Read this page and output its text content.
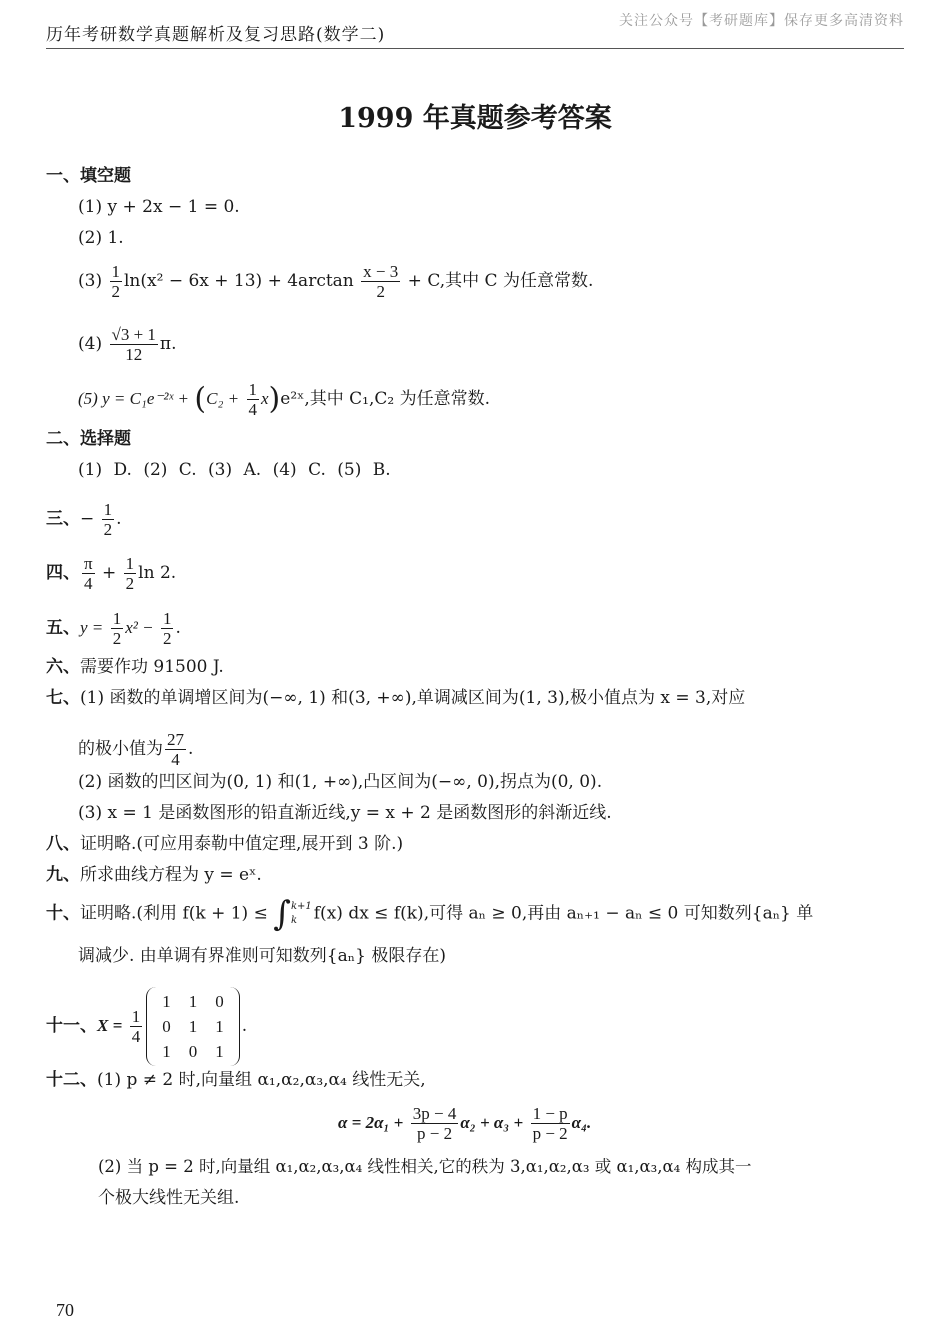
历年考研数学真题解析及复习思路(数学二)
关注公众号【考研题库】保存更多高清资料
1999 年真题参考答案
一、填空题
(1) y + 2x − 1 = 0.
(2) 1.
$(3) \frac{1}{2} \ln(x^2 - 6x + 13) + 4\arctan \frac{x - 3}{2} + C$,其中 C 为任意常数.
$(4) \frac{√3 + 1}{12} \pi$.
(5) y = C₁e⁻²ˣ + ($C_2 + \frac{1}{4}$ x)e²ˣ,其中 C₁,C₂ 为任意常数.
二、选择题
(1) D. (2) C. (3) A. (4) C. (5) B.
三、− $\frac{1}{2}$ .
四、 $\frac{\pi}{4} + \frac{1}{2}$ ln 2.
五、$y = \frac{1}{2} x^2 - \frac{1}{2}$ .
六、需要作功 91500 J.
七、(1) 函数的单调增区间为(−∞, 1) 和(3, +∞),单调减区间为(1, 3),极小值点为 x = 3,对应
的极小值为 $\frac{27}{4}$ .
(2) 函数的凹区间为(0, 1) 和(1, +∞),凸区间为(−∞, 0),拐点为(0, 0).
(3) x = 1 是函数图形的铅直渐近线,y = x + 2 是函数图形的斜渐近线.
八、证明略.(可应用泰勒中值定理,展开到 3 阶.)
九、所求曲线方程为 y = eˣ.
十、证明略.(利用 f(k + 1) ≤ ∫ k+1
k f(x) dx ≤ f(k),可得 aₙ ≥ 0,再由 aₙ₊₁ − aₙ ≤ 0 可知数列{aₙ} 单
调减少. 由单调有界准则可知数列{aₙ} 极限存在)
十一、$X = \frac{1}{4}$
1	1	0
0	1	1
1	0	1
.
十二、(1) p ≠ 2 时,向量组 α₁,α₂,α₃,α₄ 线性无关,
$\alpha = 2\alpha_1 + \frac{3p - 4}{p - 2} \alpha_2 + \alpha_3 + \frac{1 - p}{p - 2} \alpha_4$.
(2) 当 p = 2 时,向量组 α₁,α₂,α₃,α₄ 线性相关,它的秩为 3,α₁,α₂,α₃ 或 α₁,α₃,α₄ 构成其一
个极大线性无关组.
70
